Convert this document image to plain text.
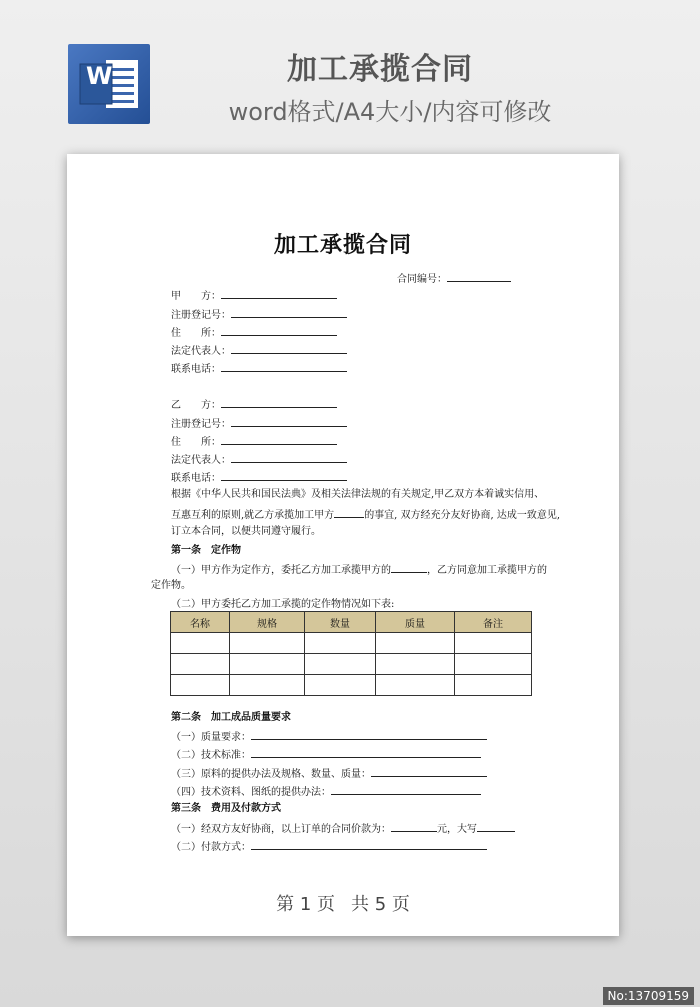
W	加工承揽合同
word格式/A4大小/内容可修改
加工承揽合同
合同编号：
甲　　方：
注册登记号：
住　　所：
法定代表人：
联系电话：
乙　　方：
注册登记号：
住　　所：
法定代表人：
联系电话：
根据《中华人民共和国民法典》及相关法律法规的有关规定,甲乙双方本着诚实信用、
互惠互利的原则,就乙方承揽加工甲方	的事宜, 双方经充分友好协商, 达成一致意见,
订立本合同，以便共同遵守履行。
第一条　定作物
（一）甲方作为定作方，委托乙方加工承揽甲方的	，乙方同意加工承揽甲方的
定作物。
（二）甲方委托乙方加工承揽的定作物情况如下表:
名称	规格	数量	质量	备注

第二条　加工成品质量要求
（一）质量要求：
（二）技术标准：
（三）原料的提供办法及规格、数量、质量：
（四）技术资料、图纸的提供办法：
第三条　费用及付款方式
（一）经双方友好协商，以上订单的合同价款为：	元，大写
（二）付款方式：
第 1 页 共 5 页
No:13709159
